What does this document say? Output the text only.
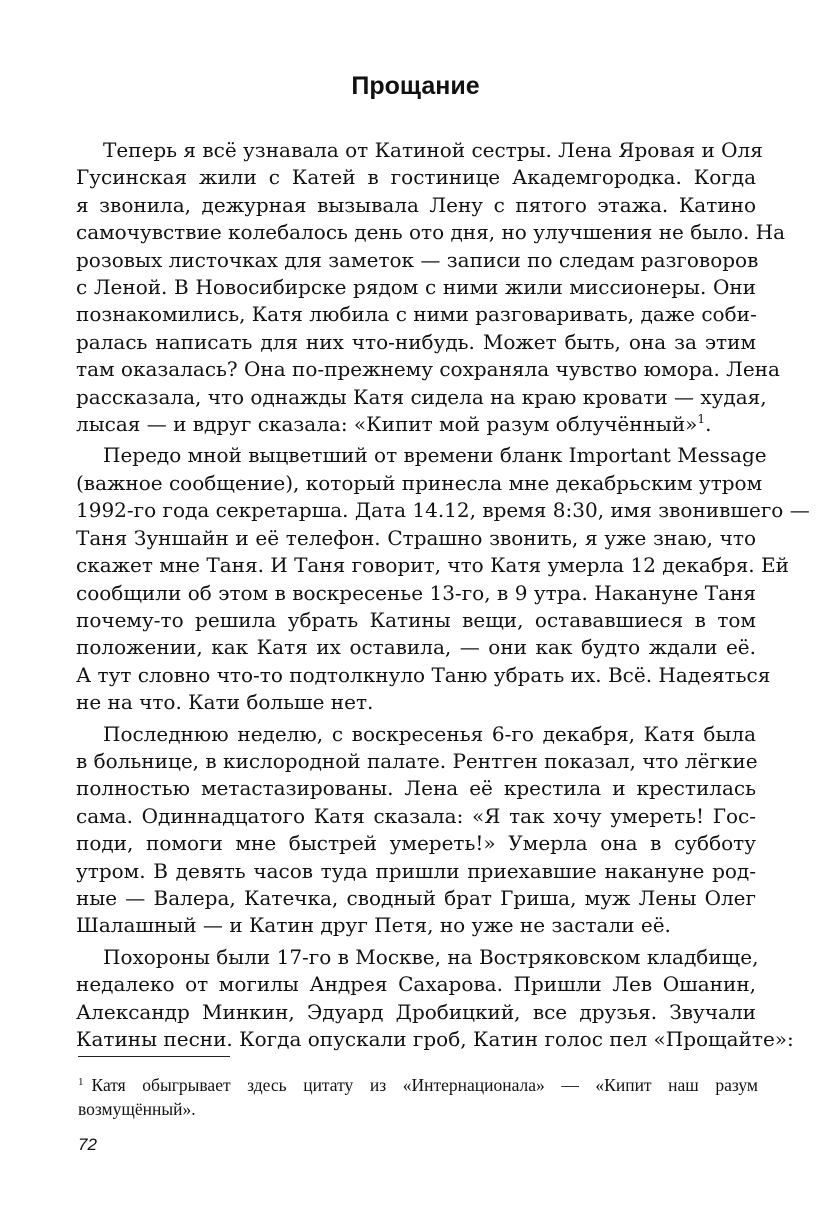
Прощание

Теперь я всё узнавала от Катиной сестры. Лена Яровая и Оля
Гусинская жили с Катей в гостинице Академгородка. Когда
я звонила, дежурная вызывала Лену с пятого этажа. Катино
самочувствие колебалось день ото дня, но улучшения не было. На
розовых листочках для заметок — записи по следам разговоров
с Леной. В Новосибирске рядом с ними жили миссионеры. Они
познакомились, Катя любила с ними разговаривать, даже соби-
ралась написать для них что-нибудь. Может быть, она за этим
там оказалась? Она по-прежнему сохраняла чувство юмора. Лена
рассказала, что однажды Катя сидела на краю кровати — худая,
лысая — и вдруг сказала: «Кипит мой разум облучённый»$^1$.

Передо мной выцветший от времени бланк Important Message
(важное сообщение), который принесла мне декабрьским утром
1992-го года секретарша. Дата 14.12, время 8:30, имя звонившего —
Таня Зуншайн и её телефон. Страшно звонить, я уже знаю, что
скажет мне Таня. И Таня говорит, что Катя умерла 12 декабря. Ей
сообщили об этом в воскресенье 13-го, в 9 утра. Накануне Таня
почему-то решила убрать Катины вещи, остававшиеся в том
положении, как Катя их оставила, — они как будто ждали её.
А тут словно что-то подтолкнуло Таню убрать их. Всё. Надеяться
не на что. Кати больше нет.

Последнюю неделю, с воскресенья 6-го декабря, Катя была
в больнице, в кислородной палате. Рентген показал, что лёгкие
полностью метастазированы. Лена её крестила и крестилась
сама. Одиннадцатого Катя сказала: «Я так хочу умереть! Гос-
поди, помоги мне быстрей умереть!» Умерла она в субботу
утром. В девять часов туда пришли приехавшие накануне род-
ные — Валера, Катечка, сводный брат Гриша, муж Лены Олег
Шалашный — и Катин друг Петя, но уже не застали её.

Похороны были 17-го в Москве, на Востряковском кладбище,
недалеко от могилы Андрея Сахарова. Пришли Лев Ошанин,
Александр Минкин, Эдуард Дробицкий, все друзья. Звучали
Катины песни. Когда опускали гроб, Катин голос пел «Прощайте»:

$^1$ Катя обыгрывает здесь цитату из «Интернационала» — «Кипит наш разум
возмущённый».
72
